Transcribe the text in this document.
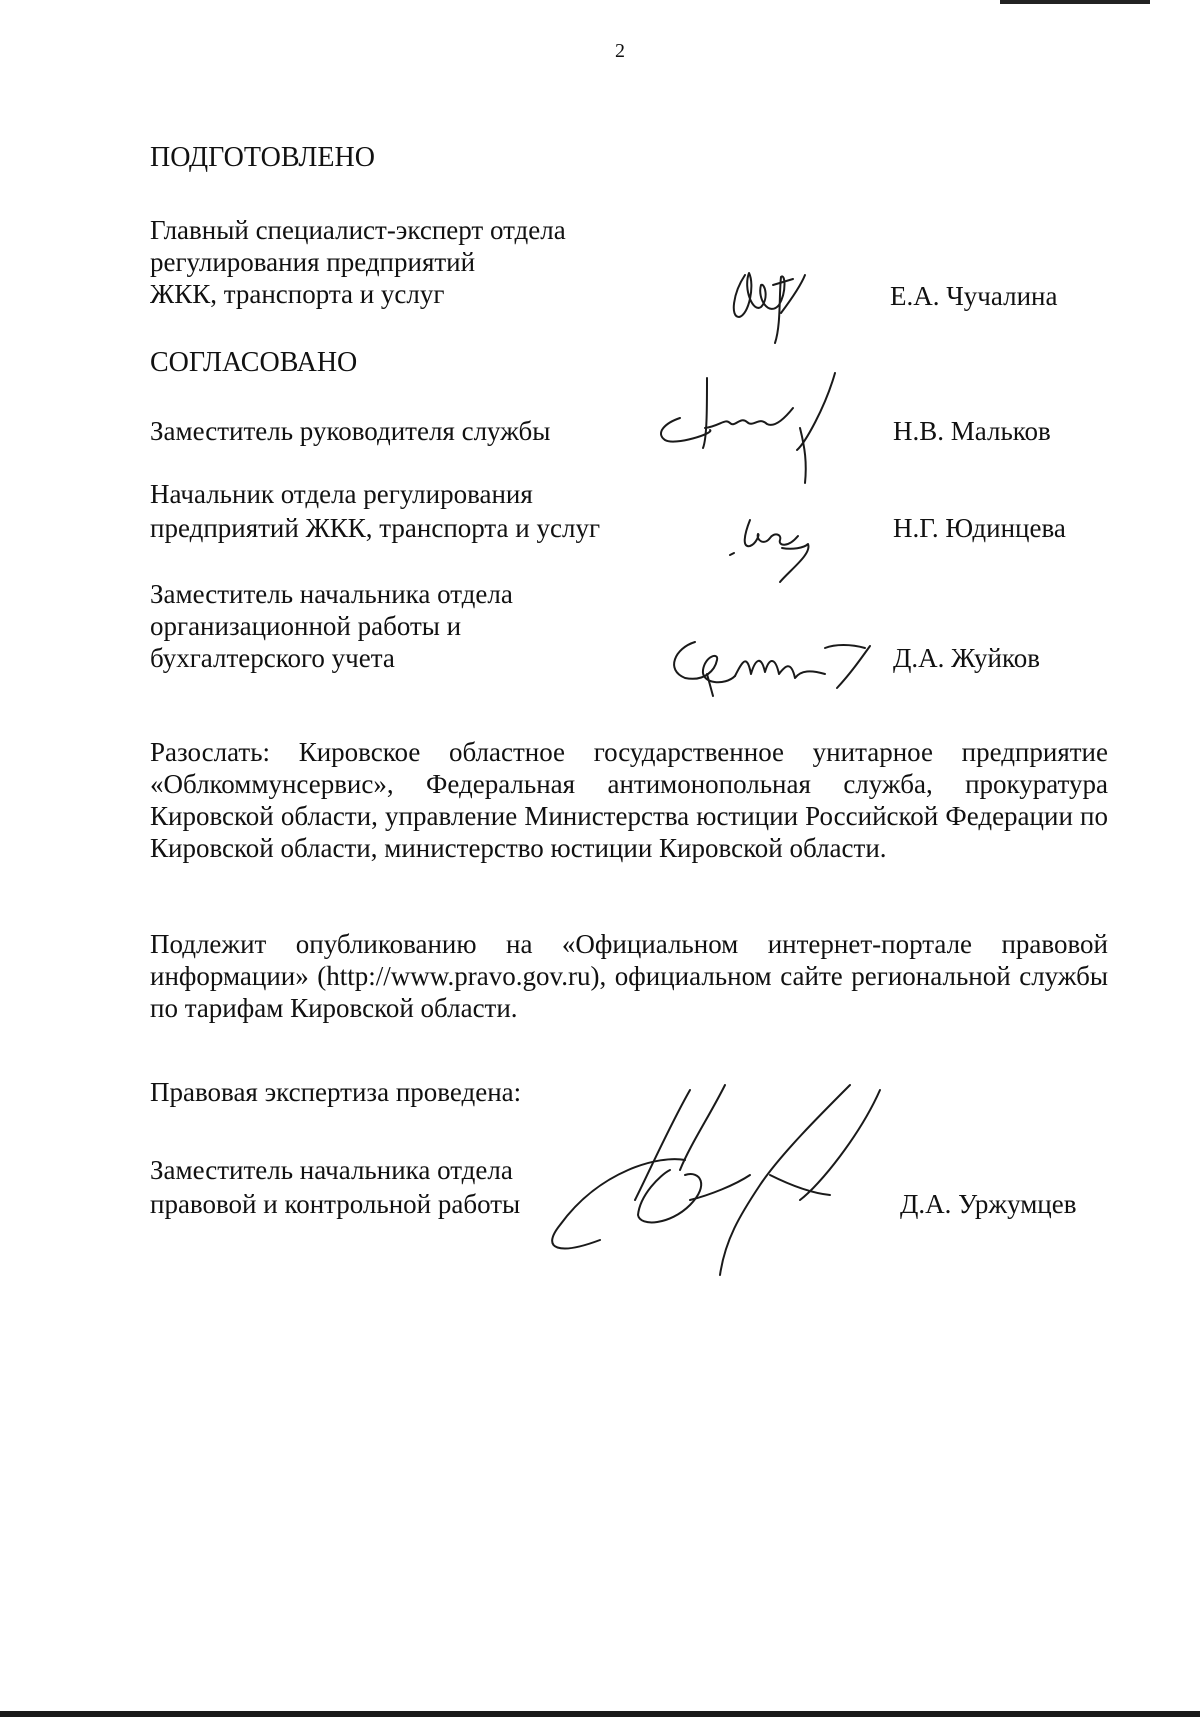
2
ПОДГОТОВЛЕНО
Главный специалист-эксперт отдела
регулирования предприятий
ЖКК, транспорта и услуг	Е.А. Чучалина
СОГЛАСОВАНО
Заместитель руководителя службы	Н.В. Мальков
Начальник отдела регулирования
предприятий ЖКК, транспорта и услуг	Н.Г. Юдинцева
Заместитель начальника отдела
организационной работы и
бухгалтерского учета	Д.А. Жуйков
Разослать: Кировское областное государственное унитарное предприятие «Облкоммунсервис», Федеральная антимонопольная служба, прокуратура Кировской области, управление Министерства юстиции Российской Федерации по Кировской области, министерство юстиции Кировской области.
Подлежит опубликованию на «Официальном интернет-портале правовой информации» (http://www.pravo.gov.ru), официальном сайте региональной службы по тарифам Кировской области.
Правовая экспертиза проведена:
Заместитель начальника отдела
правовой и контрольной работы	Д.А. Уржумцев
